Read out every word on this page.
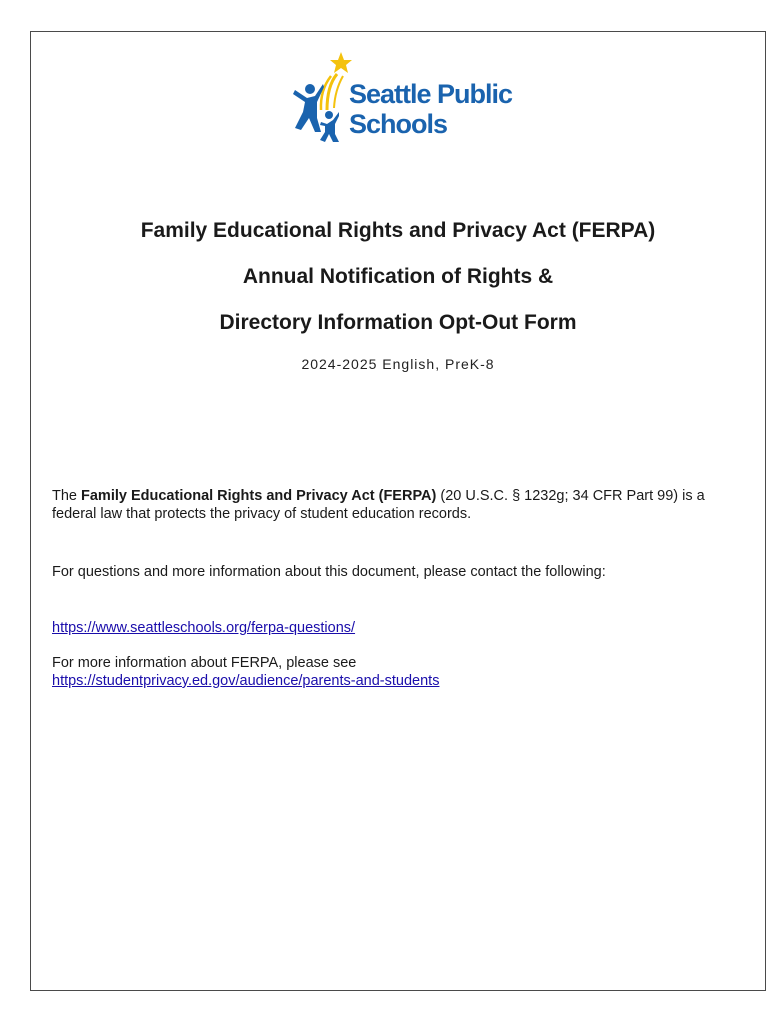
Seattle Public
Schools
Family Educational Rights and Privacy Act (FERPA)
Annual Notification of Rights &
Directory Information Opt-Out Form
2024-2025 English, PreK-8
The Family Educational Rights and Privacy Act (FERPA) (20 U.S.C. § 1232g; 34 CFR Part 99) is a federal law that protects the privacy of student education records.
For questions and more information about this document, please contact the following:
https://www.seattleschools.org/ferpa-questions/
For more information about FERPA, please see
https://studentprivacy.ed.gov/audience/parents-and-students
